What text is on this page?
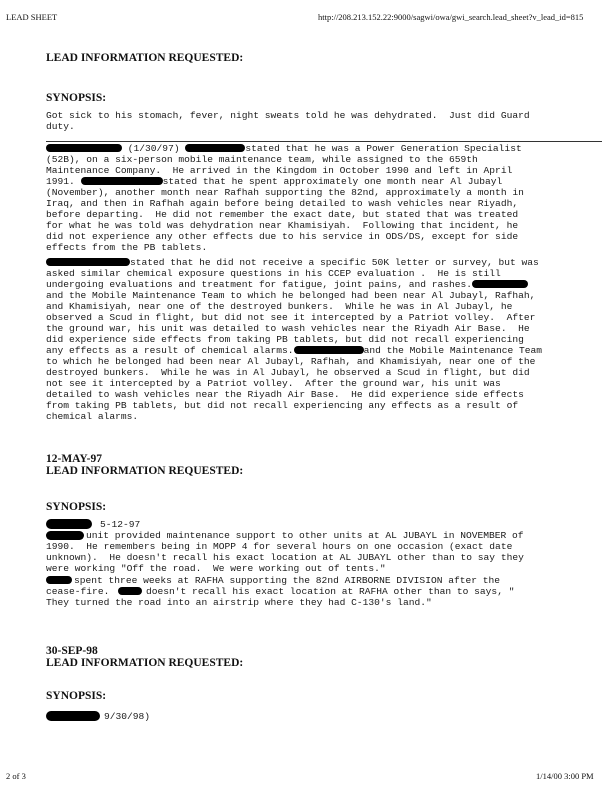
LEAD SHEET	http://208.213.152.22:9000/sagwi/owa/gwi_search.lead_sheet?v_lead_id=815
LEAD INFORMATION REQUESTED:
SYNOPSIS:
Got sick to his stomach, fever, night sweats told he was dehydrated.  Just did Guard
duty.
(1/30/97)	stated that he was a Power Generation Specialist
(52B), on a six-person mobile maintenance team, while assigned to the 659th
Maintenance Company.  He arrived in the Kingdom in October 1990 and left in April
1991.	stated that he spent approximately one month near Al Jubayl
(November), another month near Rafhah supporting the 82nd, approximately a month in
Iraq, and then in Rafhah again before being detailed to wash vehicles near Riyadh,
before departing.  He did not remember the exact date, but stated that was treated
for what he was told was dehydration near Khamisiyah.  Following that incident, he
did not experience any other effects due to his service in ODS/DS, except for side
effects from the PB tablets.
stated that he did not receive a specific 50K letter or survey, but was
asked similar chemical exposure questions in his CCEP evaluation .  He is still
undergoing evaluations and treatment for fatigue, joint pains, and rashes.
and the Mobile Maintenance Team to which he belonged had been near Al Jubayl, Rafhah,
and Khamisiyah, near one of the destroyed bunkers.  While he was in Al Jubayl, he
observed a Scud in flight, but did not see it intercepted by a Patriot volley.  After
the ground war, his unit was detailed to wash vehicles near the Riyadh Air Base.  He
did experience side effects from taking PB tablets, but did not recall experiencing
any effects as a result of chemical alarms.	and the Mobile Maintenance Team
to which he belonged had been near Al Jubayl, Rafhah, and Khamisiyah, near one of the
destroyed bunkers.  While he was in Al Jubayl, he observed a Scud in flight, but did
not see it intercepted by a Patriot volley.  After the ground war, his unit was
detailed to wash vehicles near the Riyadh Air Base.  He did experience side effects
from taking PB tablets, but did not recall experiencing any effects as a result of
chemical alarms.
12-MAY-97
LEAD INFORMATION REQUESTED:
SYNOPSIS:
5-12-97
unit provided maintenance support to other units at AL JUBAYL in NOVEMBER of
1990.  He remembers being in MOPP 4 for several hours on one occasion (exact date
unknown).  He doesn't recall his exact location at AL JUBAYL other than to say they
were working "Off the road.  We were working out of tents."
spent three weeks at RAFHA supporting the 82nd AIRBORNE DIVISION after the
cease-fire.	doesn't recall his exact location at RAFHA other than to says, "
They turned the road into an airstrip where they had C-130's land."
30-SEP-98
LEAD INFORMATION REQUESTED:
SYNOPSIS:
9/30/98)
2 of 3	1/14/00 3:00 PM
